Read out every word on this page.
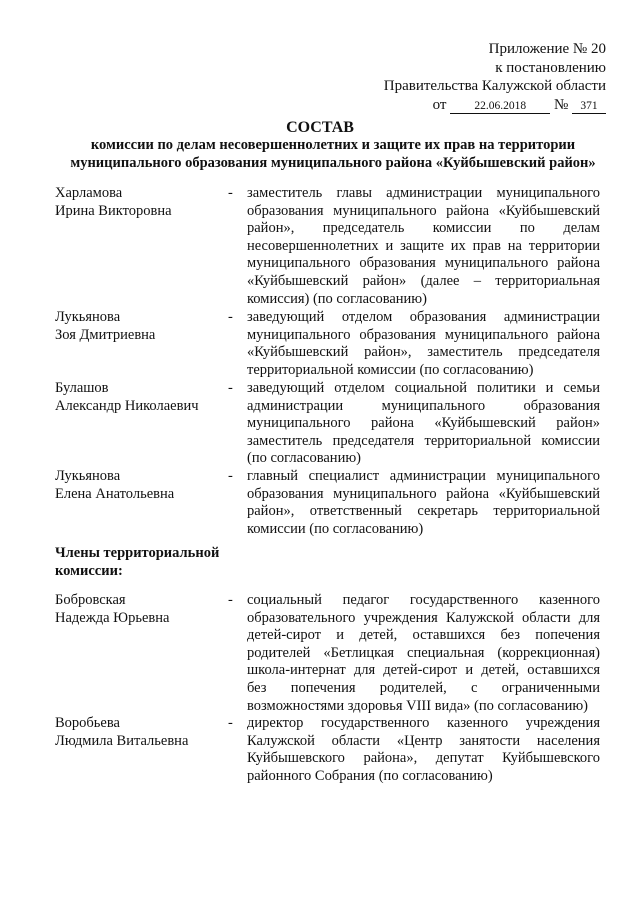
Приложение № 20
к постановлению
Правительства Калужской области
от 22.06.2018 № 371
СОСТАВ
комиссии по делам несовершеннолетних и защите их прав на территории муниципального образования муниципального района «Куйбышевский район»
Харламова
Ирина Викторовна
- заместитель главы администрации муниципального образования муниципального района «Куйбышевский район», председатель комиссии по делам несовершеннолетних и защите их прав на территории муниципального образования муниципального района «Куйбышевский район» (далее – территориальная комиссия) (по согласованию)
Лукьянова
Зоя Дмитриевна
- заведующий отделом образования администрации муниципального образования муниципального района «Куйбышевский район», заместитель председателя территориальной комиссии (по согласованию)
Булашов
Александр Николаевич
- заведующий отделом социальной политики и семьи администрации муниципального образования муниципального района «Куйбышевский район» заместитель председателя территориальной комиссии (по согласованию)
Лукьянова
Елена Анатольевна
- главный специалист администрации муниципального образования муниципального района «Куйбышевский район», ответственный секретарь территориальной комиссии (по согласованию)
Члены территориальной комиссии:
Бобровская
Надежда Юрьевна
- социальный педагог государственного казенного образовательного учреждения Калужской области для детей-сирот и детей, оставшихся без попечения родителей «Бетлицкая специальная (коррекционная) школа-интернат для детей-сирот и детей, оставшихся без попечения родителей, с ограниченными возможностями здоровья VIII вида» (по согласованию)
Воробьева
Людмила Витальевна
- директор государственного казенного учреждения Калужской области «Центр занятости населения Куйбышевского района», депутат Куйбышевского районного Собрания (по согласованию)
